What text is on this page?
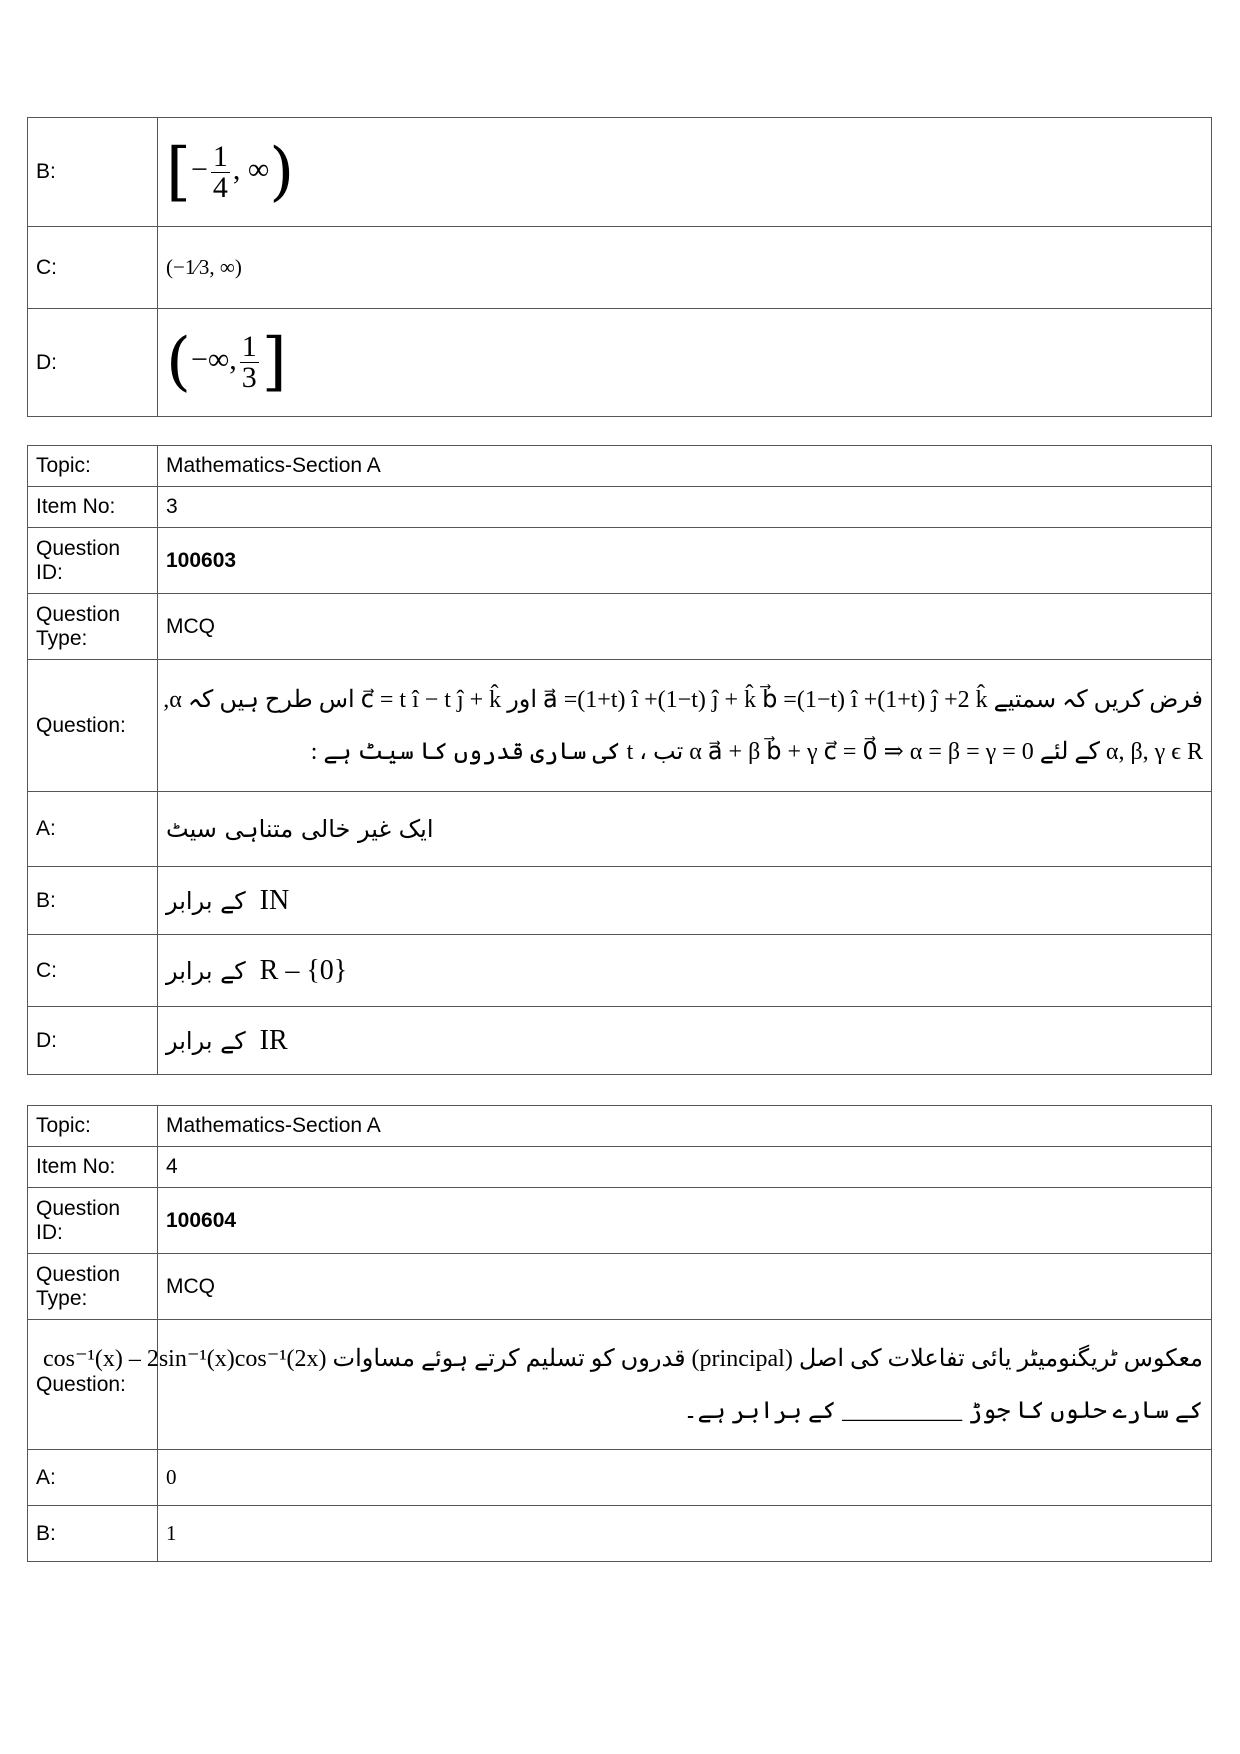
B:	[− $\frac{1}{4}$ , ∞)
C:	(−1⁄3, ∞)
D:	(−∞, $\frac{1}{3}$ ]
Topic:	Mathematics-Section A
Item No:	3
Question ID:	100603
Question Type:	MCQ
Question:	فرض کریں کہ سمتیے a⃗ =(1+t) î +(1−t) ĵ + k̂ b⃗ =(1−t) î +(1+t) ĵ +2 k̂ اور c⃗ = t î − t ĵ + k̂ اس طرح ہیں کہ α,
α, β, γ ϵ R کے لئے α a⃗ + β b⃗ + γ c⃗ = 0⃗ ⇒ α = β = γ = 0 تب ، t کی ساری قدروں کا سیٹ ہے :

A:	ایک غیر خالی متناہی سیٹ
B:	کے برابر IN

C:	کے برابر R – {0}

D:	کے برابر IR
Topic:	Mathematics-Section A
Item No:	4
Question ID:	100604
Question Type:	MCQ
Question:	معکوس ٹریگنومیٹر یائی تفاعلات کی اصل (principal) قدروں کو تسلیم کرتے ہوئے مساوات cos⁻¹(x) – 2sin⁻¹(x)cos⁻¹(2x)
کے سارے حلوں کا جوڑ __________ کے برابر ہے۔

A:	0
B:	1
